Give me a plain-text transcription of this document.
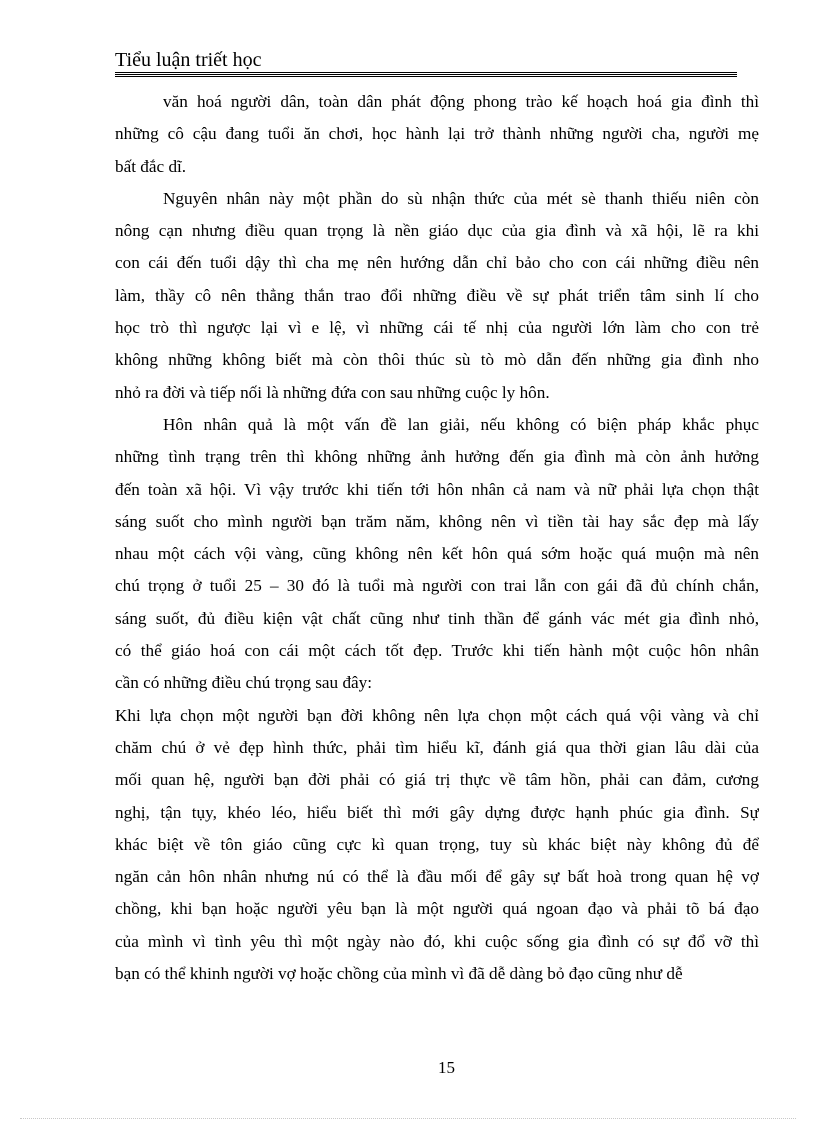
Tiểu luận triết học
văn hoá người dân, toàn dân phát động phong trào kế hoạch hoá gia đình thì
những cô cậu đang tuổi ăn chơi, học hành lại trở thành những người cha, người mẹ
bất đắc dĩ.
Nguyên nhân này một phần do sù nhận thức của mét sè thanh thiếu niên còn
nông cạn nhưng điều quan trọng là nền giáo dục của gia đình và xã hội, lẽ ra khi
con cái đến tuổi dậy thì cha mẹ nên hướng dẫn chỉ bảo cho con cái những điều nên
làm, thầy cô nên thẳng thắn trao đổi những điều về sự phát triển tâm sinh lí cho
học trò thì ngược lại vì e lệ, vì những cái tế nhị của người lớn làm cho con trẻ
không những không biết mà còn thôi thúc sù tò mò dẫn đến những gia đình nho
nhỏ ra đời và tiếp nối là những đứa con sau những cuộc ly hôn.
Hôn nhân quả là một vấn đề lan giải, nếu không có biện pháp khắc phục
những tình trạng trên thì không những ảnh hưởng đến gia đình mà còn ảnh hưởng
đến toàn xã hội. Vì vậy trước khi tiến tới hôn nhân cả nam và nữ phải lựa chọn thật
sáng suốt cho mình người bạn trăm năm, không nên vì tiền tài hay sắc đẹp mà lấy
nhau một cách vội vàng, cũng không nên kết hôn quá sớm hoặc quá muộn mà nên
chú trọng ở tuổi 25 – 30 đó là tuổi mà người con trai lẫn con gái đã đủ chính chắn,
sáng suốt, đủ điều kiện vật chất cũng như tinh thần để gánh vác mét gia đình nhỏ,
có thể giáo hoá con cái một cách tốt đẹp. Trước khi tiến hành một cuộc hôn nhân
cần có những điều chú trọng sau đây:
Khi lựa chọn một người bạn đời không nên lựa chọn một cách quá vội vàng và chỉ
chăm chú ở vẻ đẹp hình thức, phải tìm hiểu kĩ, đánh giá qua thời gian lâu dài của
mối quan hệ, người bạn đời phải có giá trị thực về tâm hồn, phải can đảm, cương
nghị, tận tụy, khéo léo, hiểu biết thì mới gây dựng được hạnh phúc gia đình. Sự
khác biệt về tôn giáo cũng cực kì quan trọng, tuy sù khác biệt này không đủ để
ngăn cản hôn nhân nhưng nú có thể là đầu mối để gây sự bất hoà trong quan hệ vợ
chồng, khi bạn hoặc người yêu bạn là một người quá ngoan đạo và phải tõ bá đạo
của mình vì tình yêu thì một ngày nào đó, khi cuộc sống gia đình có sự đổ vỡ thì
bạn có thể khinh người vợ hoặc chồng của mình vì đã dễ dàng bỏ đạo cũng như dễ
15
